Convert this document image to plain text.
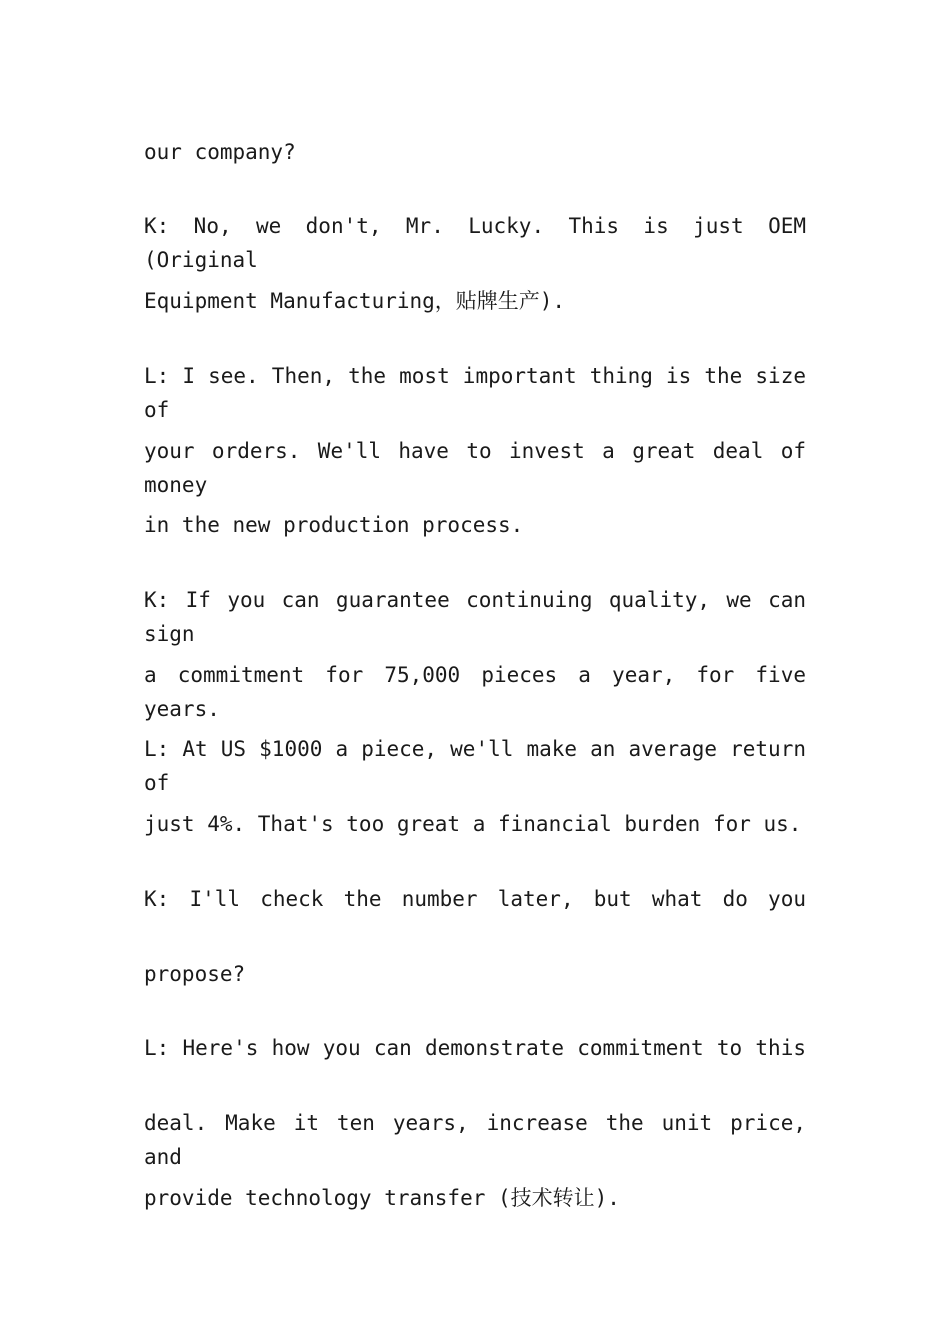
our company?
K: No, we don't, Mr. Lucky. This is just OEM (Original
Equipment Manufacturing，贴牌生产).
L: I see. Then, the most important thing is the size of
your orders. We'll have to invest a great deal of money
in the new production process.
K: If you can guarantee continuing quality, we can sign
a commitment for 75,000 pieces a year, for five years.
L: At US $1000 a piece, we'll make an average return of
just 4%. That's too great a financial burden for us.
K: I'll check the number later, but what do you
propose?
L: Here's how you can demonstrate commitment to this
deal. Make it ten years, increase the unit price, and
provide technology transfer (技术转让).
